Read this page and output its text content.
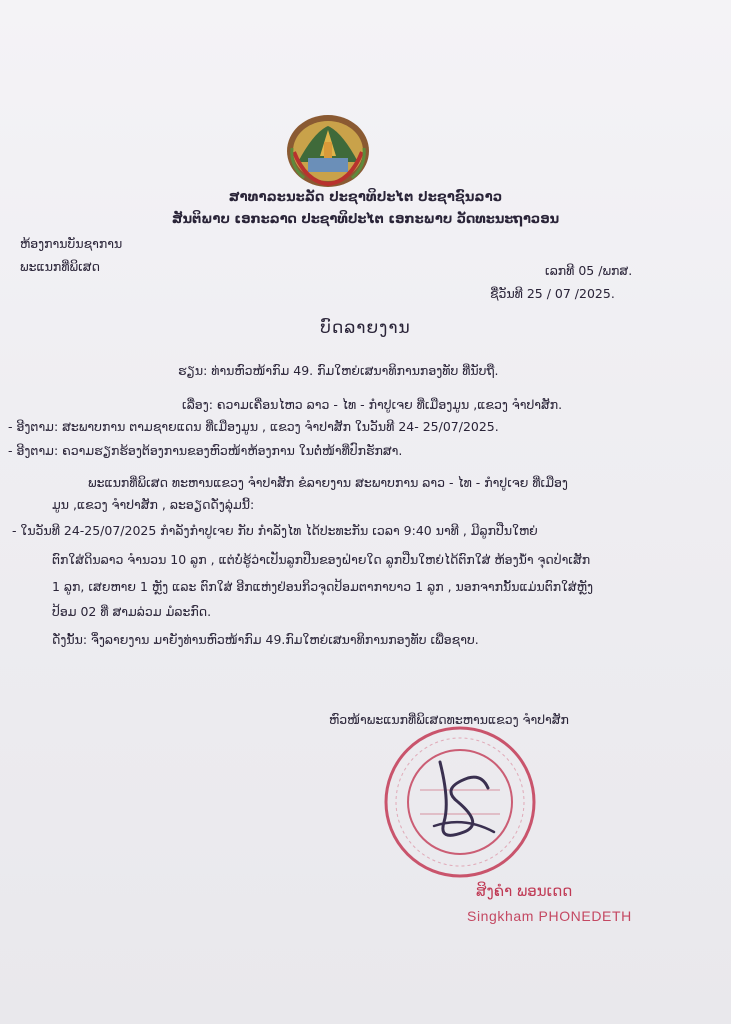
ສາທາລະນະລັດ ປະຊາທິປະໄຕ ປະຊາຊົນລາວ
ສັນຕິພາບ ເອກະລາດ ປະຊາທິປະໄຕ ເອກະພາບ ວັດທະນະຖາວອນ
ຫ້ອງການບັນຊາການ
ພະແນກທີ່ພິເສດ	ເລກທີ 05 /ພກສ.
ຊື່ວັນທີ 25 / 07 /2025.
ບົດລາຍງານ
ຮຽນ: ທ່ານຫົວໜ້າກົມ 49. ກົມໃຫຍ່ເສນາທິການກອງທັບ ທີ່ນັບຖື.
ເລື່ອງ: ຄວາມເຄື່ອນໄຫວ ລາວ - ໄທ - ກຳປູເຈຍ ທີ່ເມືອງມູນ ,ແຂວງ ຈຳປາສັກ.
- ອີງຕາມ: ສະພາບການ ຕາມຊາຍແດນ ທີ່ເມືອງມູນ , ແຂວງ ຈຳປາສັກ ໃນວັນທີ 24- 25/07/2025.
- ອີງຕາມ: ຄວາມຮຽກຮ້ອງຕ້ອງການຂອງຫົວໜ້າຫ້ອງການ ໃນຕໍ່ໜ້າທີ່ປົກຮັກສາ.
ພະແນກທີ່ພິເສດ ທະຫານແຂວງ ຈຳປາສັກ ຂໍລາຍງານ ສະພາບການ ລາວ - ໄທ - ກຳປູເຈຍ ທີ່ເມືອງ
ມູນ ,ແຂວງ ຈຳປາສັກ , ລະອຽດດັ່ງລຸ່ມນີ້:
- ໃນວັນທີ 24-25/07/2025 ກຳລັງກຳປູເຈຍ ກັບ ກຳລັງໄທ ໄດ້ປະທະກັນ ເວລາ 9:40 ນາທີ , ມີລູກປືນໃຫຍ່
ຕົກໃສ່ດິນລາວ ຈຳນວນ 10 ລູກ , ແຕ່ບໍ່ຮູ້ວ່າເປັນລູກປືນຂອງຝ່າຍໃດ ລູກປືນໃຫຍ່ໄດ້ຕົກໃສ່ ຫ້ອງນ້ຳ ຈຸດປ່າເສັກ
1 ລູກ, ເສຍຫາຍ 1 ຫຼັງ ແລະ ຕົກໃສ່ ອີກແຫ່ງຢ່ອນກິວຈຸດປ້ອມຕາກາບາວ 1 ລູກ , ນອກຈາກນັ້ນແມ່ນຕົກໃສ່ຫຼັງ
ປ້ອມ 02 ທີ່ ສາມລ່ວມ ມໍລະກົດ.
ດັ່ງນັ້ນ: ຈຶ່ງລາຍງານ ມາຍັງທ່ານຫົວໜ້າກົມ 49.ກົມໃຫຍ່ເສນາທິການກອງທັບ ເພື່ອຊາບ.
ຫົວໜ້າພະແນກທີ່ພິເສດທະຫານແຂວງ ຈຳປາສັກ
ສິງຄຳ ພອນເດດ
Singkham PHONEDETH
